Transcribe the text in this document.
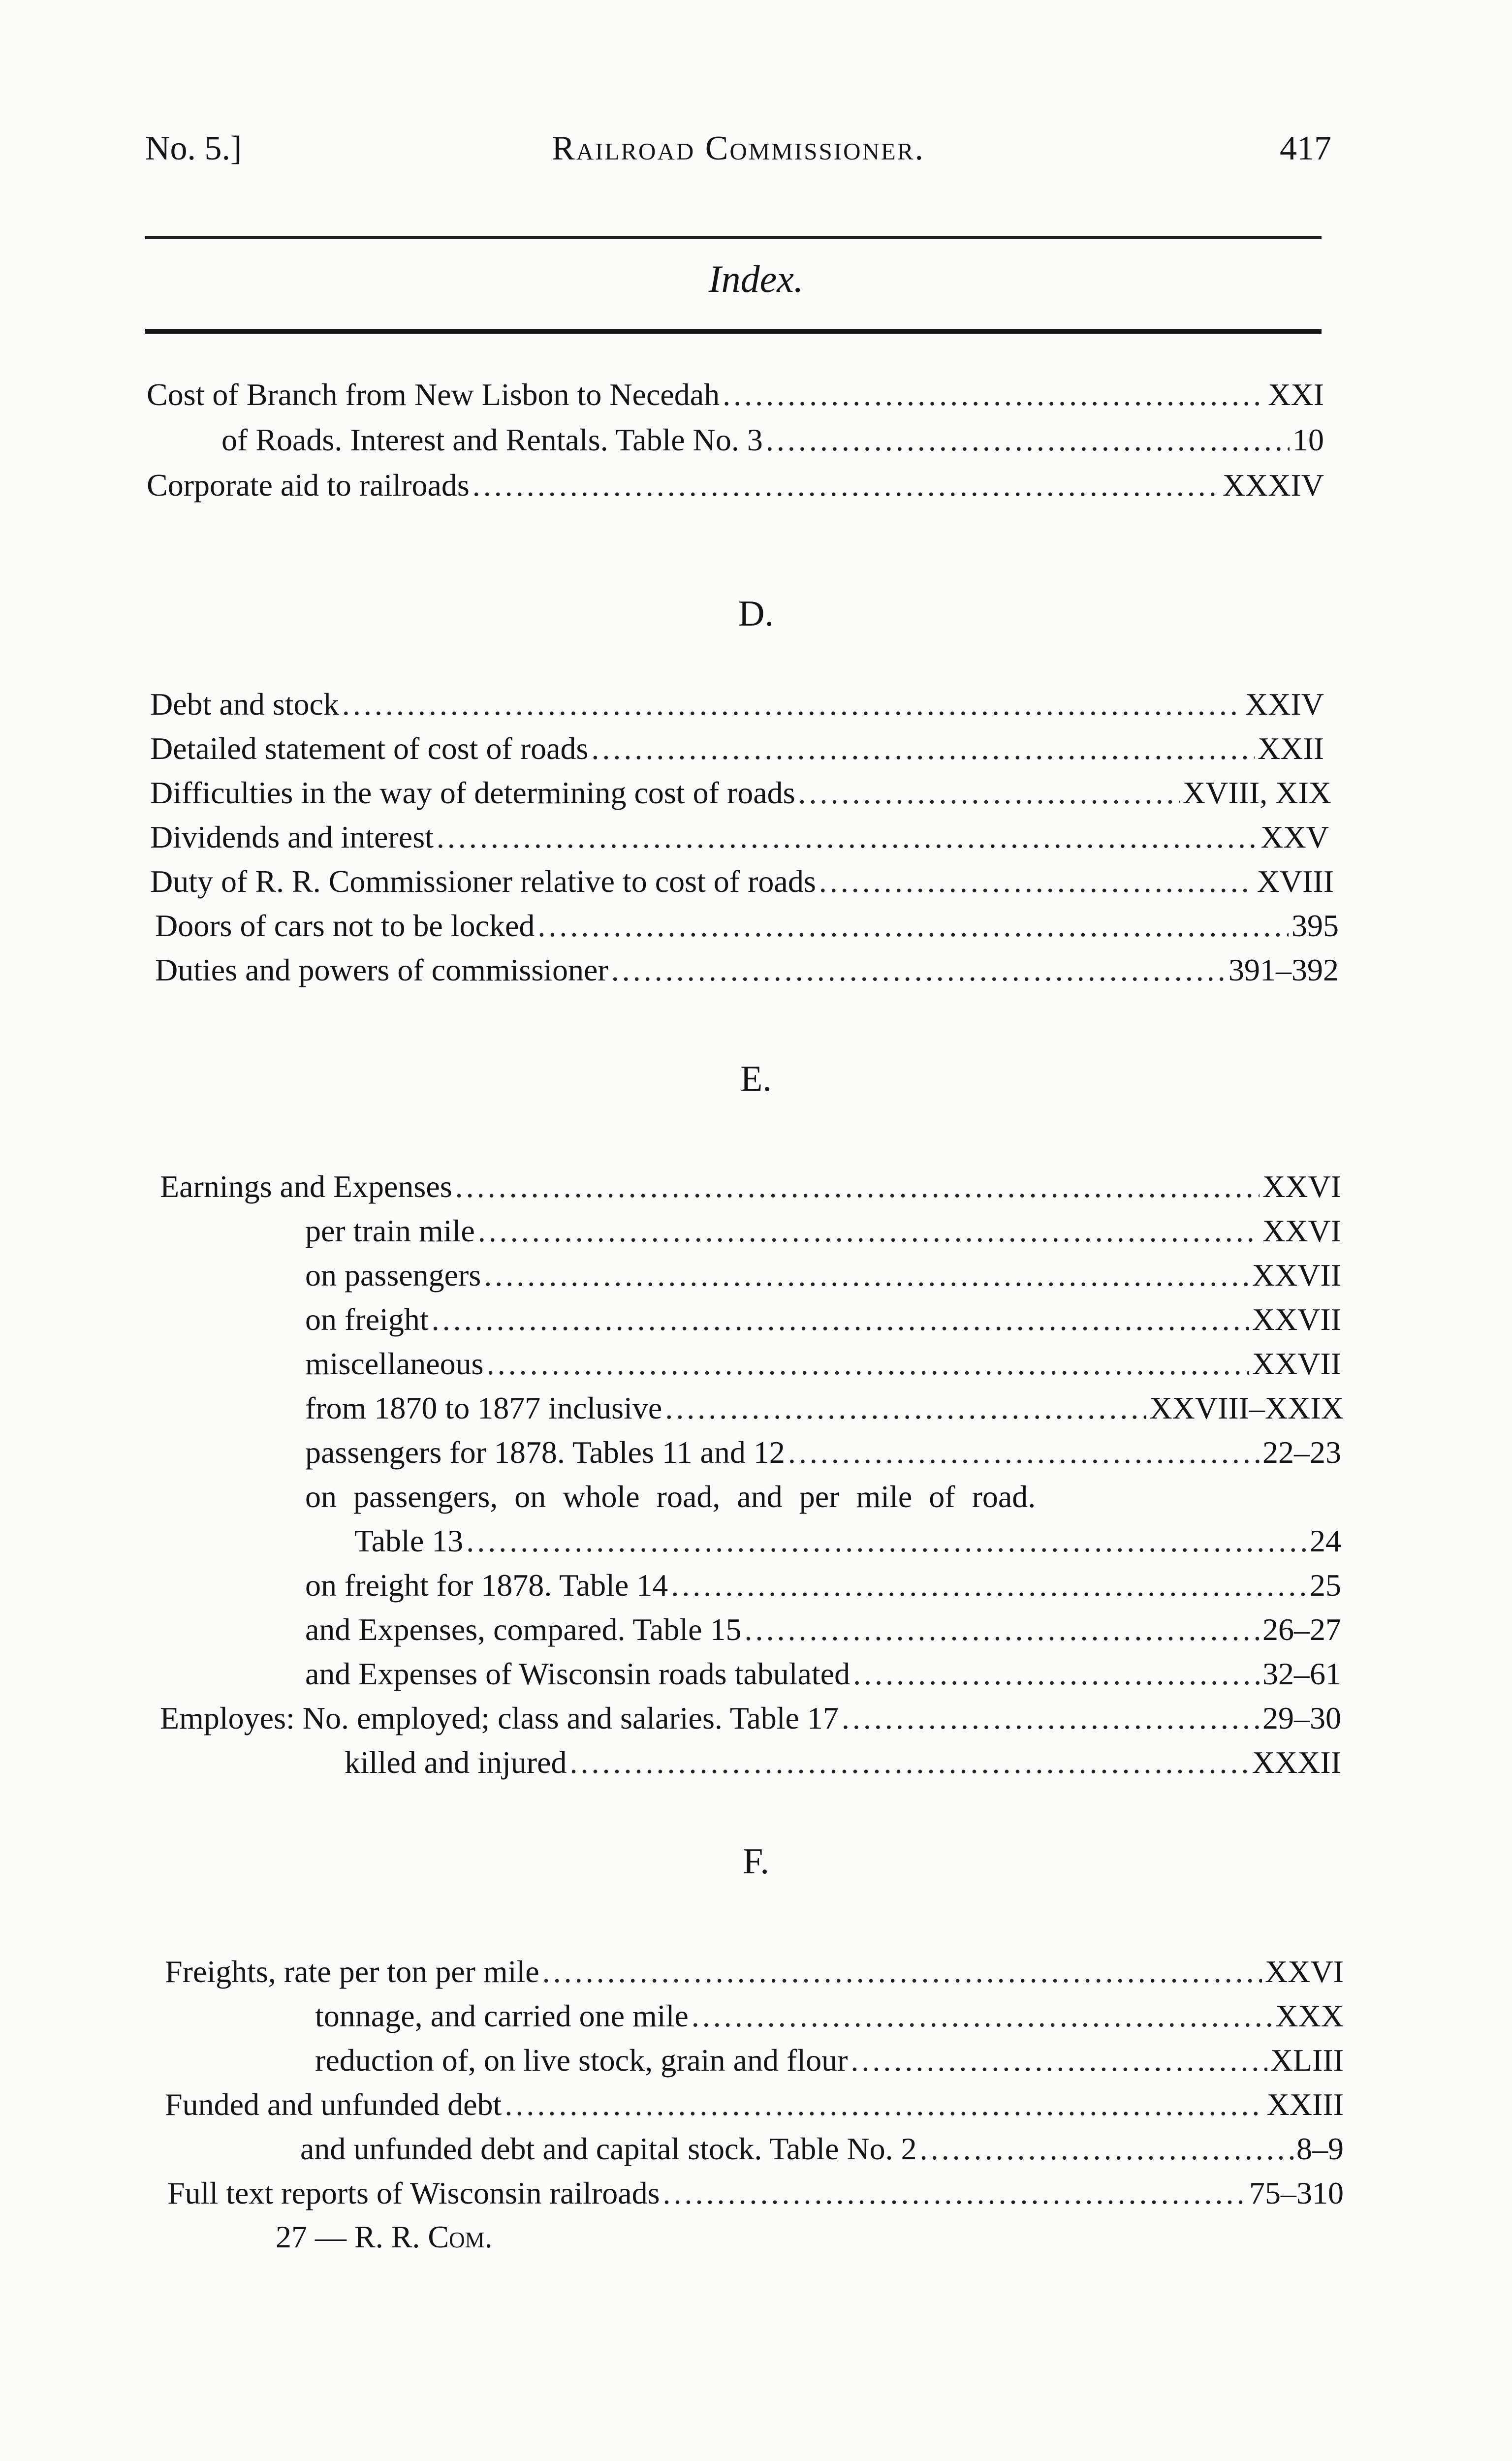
No. 5.]	Railroad Commissioner.	417
Index.
D.
E.
F.
Cost of Branch from New Lisbon to Necedah .....	XXI
of Roads. Interest and Rentals. Table No. 3 .....	10
Corporate aid to railroads .....	XXXIV
Debt and stock .....	XXIV
Detailed statement of cost of roads .....	XXII
Difficulties in the way of determining cost of roads .....	XVIII, XIX
Dividends and interest .....	XXV
Duty of R. R. Commissioner relative to cost of roads .....	XVIII
Doors of cars not to be locked .....	395
Duties and powers of commissioner .....	391–392
Earnings and Expenses .....	XXVI
per train mile .....	XXVI
on passengers .....	XXVII
on freight .....	XXVII
miscellaneous .....	XXVII
from 1870 to 1877 inclusive .....	XXVIII–XXIX
passengers for 1878. Tables 11 and 12 .....	22–23
on passengers, on whole road, and per mile of road.
Table 13 .....	24
on freight for 1878. Table 14 .....	25
and Expenses, compared. Table 15 .....	26–27
and Expenses of Wisconsin roads tabulated .....	32–61
Employes: No. employed; class and salaries. Table 17 .....	29–30
killed and injured .....	XXXII
Freights, rate per ton per mile .....	XXVI
tonnage, and carried one mile .....	XXX
reduction of, on live stock, grain and flour .....	XLIII
Funded and unfunded debt .....	XXIII
and unfunded debt and capital stock. Table No. 2 .....	8–9
Full text reports of Wisconsin railroads .....	75–310
27 — R. R. Com.
